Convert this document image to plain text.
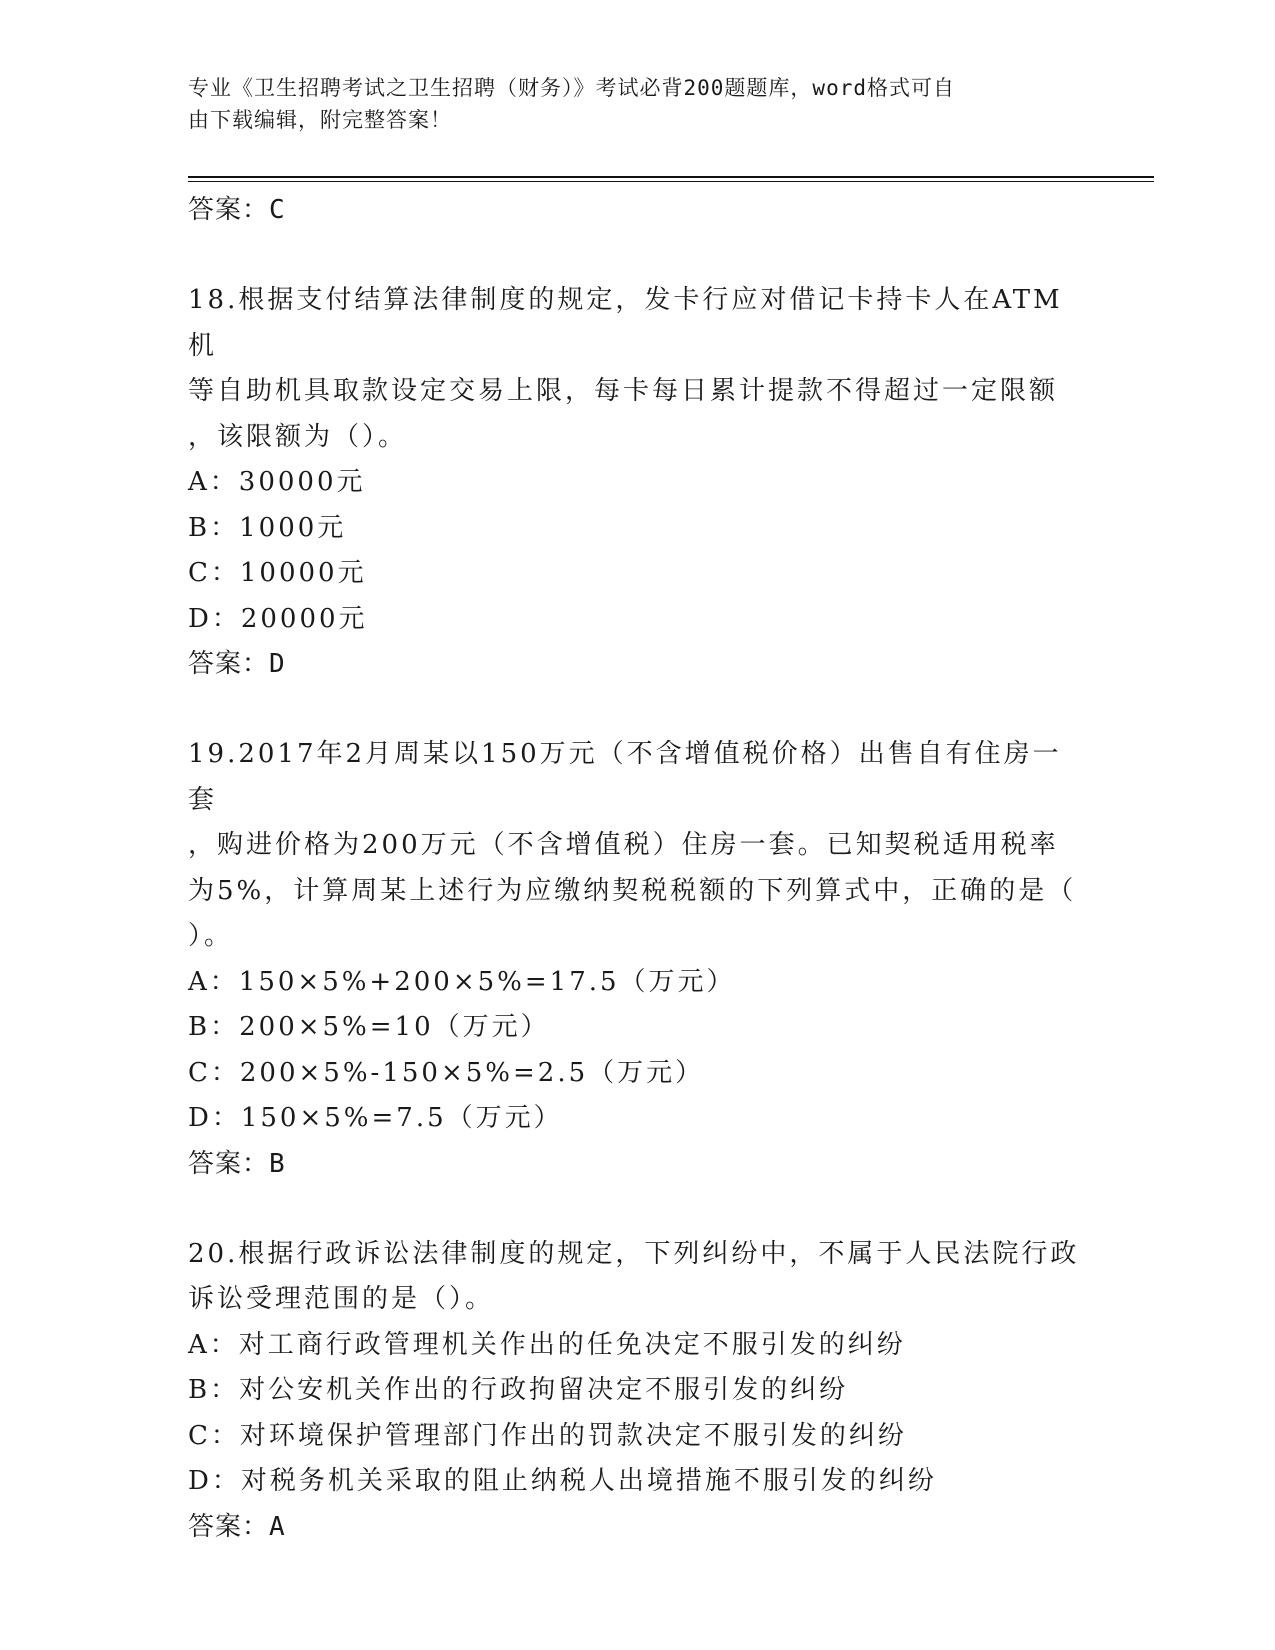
专业《卫生招聘考试之卫生招聘（财务）》考试必背200题题库，word格式可自
由下载编辑，附完整答案！
答案：C
18.根据支付结算法律制度的规定，发卡行应对借记卡持卡人在ATM机
等自助机具取款设定交易上限，每卡每日累计提款不得超过一定限额
，该限额为（）。
A：30000元
B：1000元
C：10000元
D：20000元
答案：D
19.2017年2月周某以150万元（不含增值税价格）出售自有住房一套
，购进价格为200万元（不含增值税）住房一套。已知契税适用税率
为5%，计算周某上述行为应缴纳契税税额的下列算式中，正确的是（
）。
A：150×5%+200×5%=17.5（万元）
B：200×5%=10（万元）
C：200×5%-150×5%=2.5（万元）
D：150×5%=7.5（万元）
答案：B
20.根据行政诉讼法律制度的规定，下列纠纷中，不属于人民法院行政
诉讼受理范围的是（）。
A：对工商行政管理机关作出的任免决定不服引发的纠纷
B：对公安机关作出的行政拘留决定不服引发的纠纷
C：对环境保护管理部门作出的罚款决定不服引发的纠纷
D：对税务机关采取的阻止纳税人出境措施不服引发的纠纷
答案：A
